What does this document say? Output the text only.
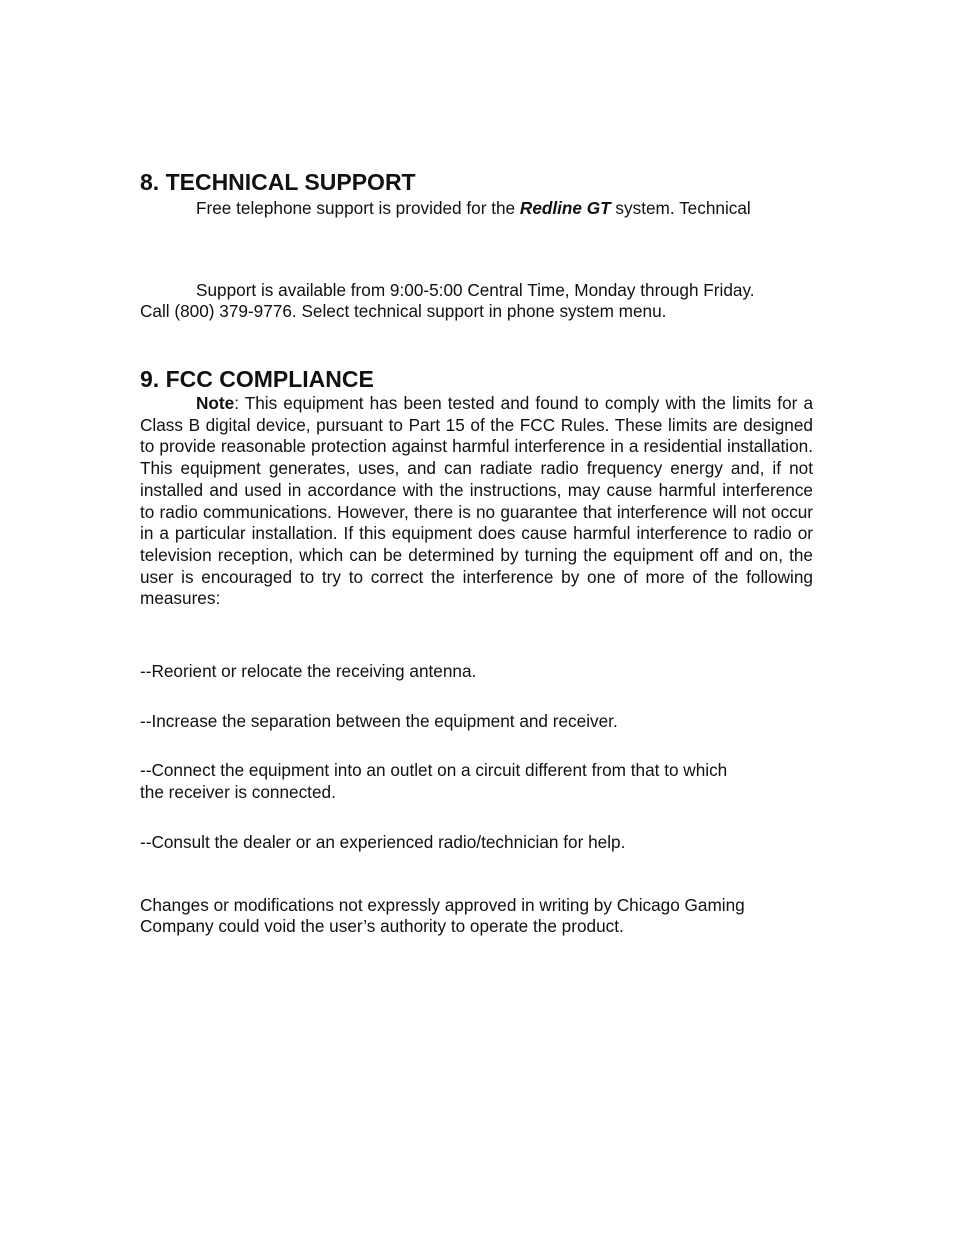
8. TECHNICAL SUPPORT

Free telephone support is provided for the Redline GT system. Technical

Support is available from 9:00-5:00 Central Time, Monday through Friday.

Call (800) 379-9776. Select technical support in phone system menu.

9. FCC COMPLIANCE

Note: This equipment has been tested and found to comply with the limits for a Class B digital device, pursuant to Part 15 of the FCC Rules. These limits are designed to provide reasonable protection against harmful interference in a residential installation. This equipment generates, uses, and can radiate radio frequency energy and, if not installed and used in accordance with the instructions, may cause harmful interference to radio communications. However, there is no guarantee that interference will not occur in a particular installation. If this equipment does cause harmful interference to radio or television reception, which can be determined by turning the equipment off and on, the user is encouraged to try to correct the interference by one of more of the following measures:

--Reorient or relocate the receiving antenna.

--Increase the separation between the equipment and receiver.

--Connect the equipment into an outlet on a circuit different from that to which

the receiver is connected.

--Consult the dealer or an experienced radio/technician for help.

Changes or modifications not expressly approved in writing by Chicago Gaming

Company could void the user’s authority to operate the product.
